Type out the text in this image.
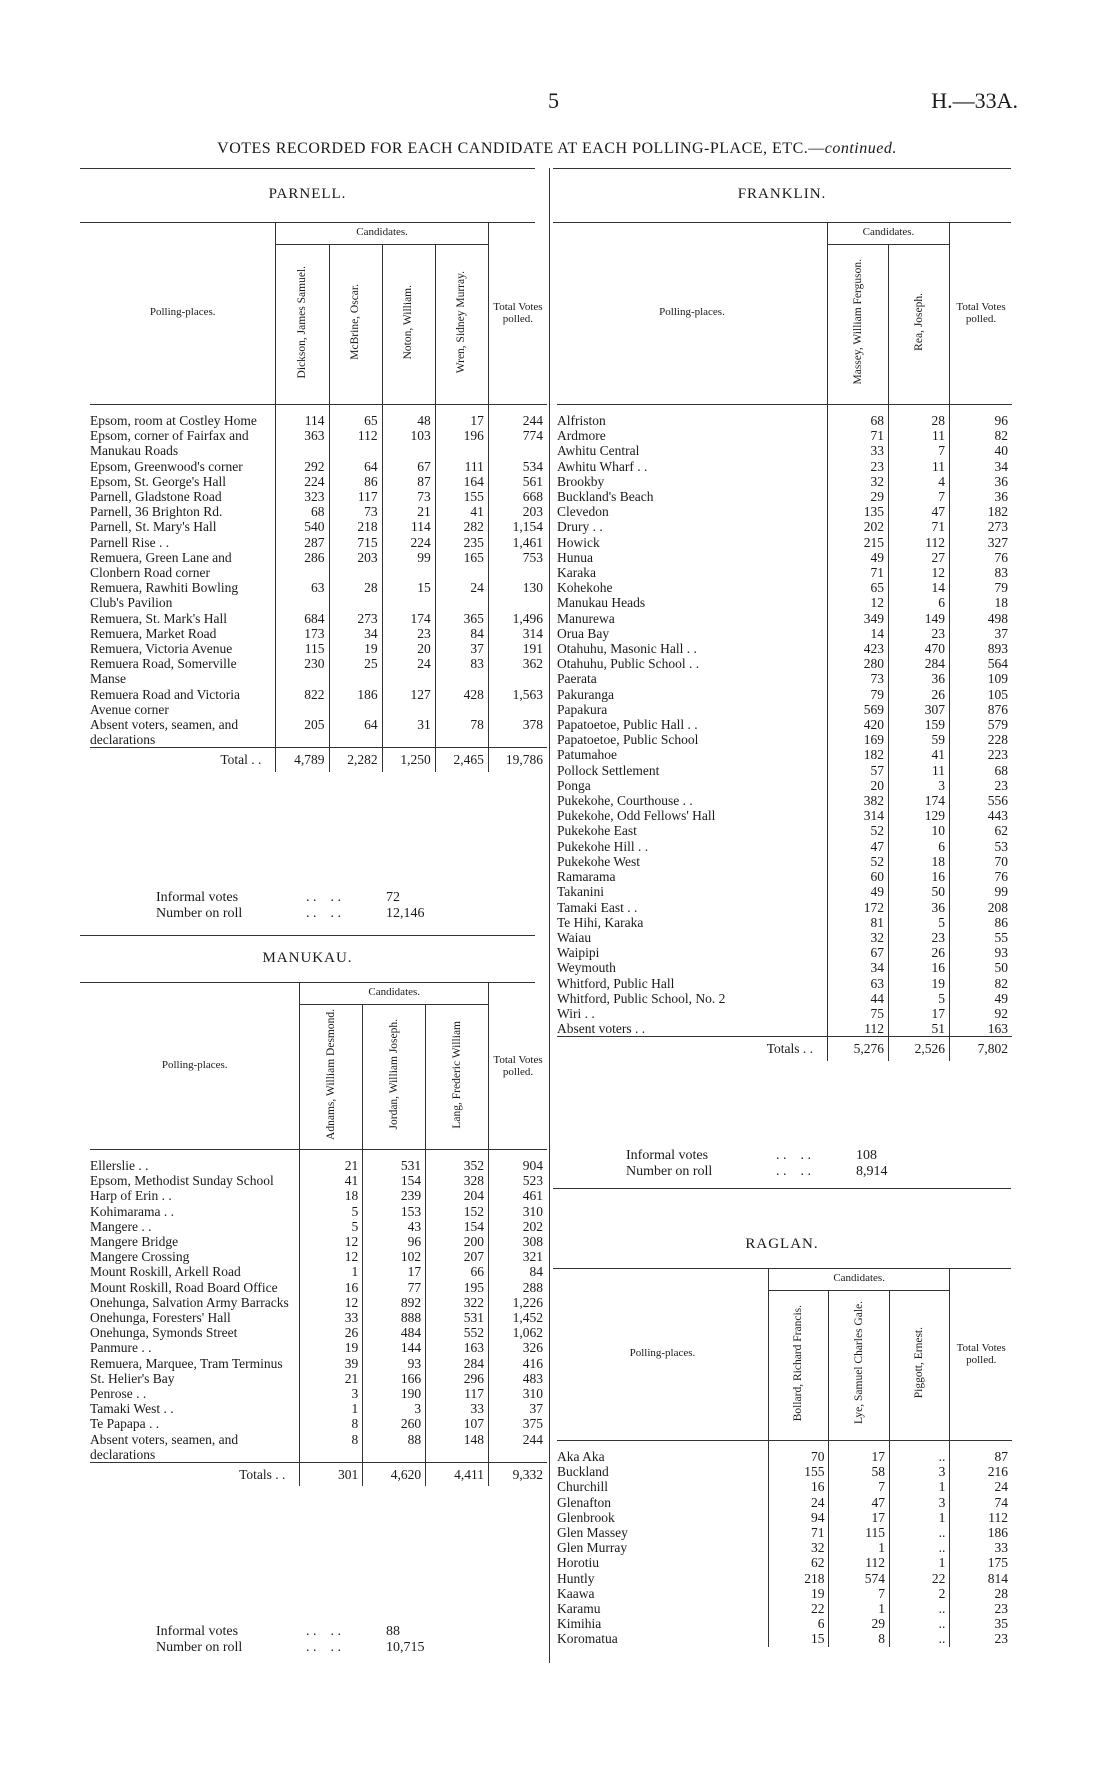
5	H.—33A.
VOTES RECORDED FOR EACH CANDIDATE AT EACH POLLING-PLACE, ETC.—continued.
PARNELL.
Polling-places.	Candidates.				Total Votes polled.

	Dickson, James Samuel.	McBrine, Oscar.	Noton, William.	Wren, Sidney Murray.	
Epsom, room at Costley Home	114	65	48	17	244
Epsom, corner of Fairfax and Manukau Roads	363	112	103	196	774
Epsom, Greenwood's corner	292	64	67	111	534
Epsom, St. George's Hall	224	86	87	164	561
Parnell, Gladstone Road	323	117	73	155	668
Parnell, 36 Brighton Rd.	68	73	21	41	203
Parnell, St. Mary's Hall	540	218	114	282	1,154
Parnell Rise . .	287	715	224	235	1,461
Remuera, Green Lane and Clonbern Road corner	286	203	99	165	753
Remuera, Rawhiti Bowling Club's Pavilion	63	28	15	24	130
Remuera, St. Mark's Hall	684	273	174	365	1,496
Remuera, Market Road	173	34	23	84	314
Remuera, Victoria Avenue	115	19	20	37	191
Remuera Road, Somerville Manse	230	25	24	83	362
Remuera Road and Victoria Avenue corner	822	186	127	428	1,563
Absent voters, seamen, and declarations	205	64	31	78	378
Total . .	4,789	2,282	1,250	2,465	19,786
Informal votes	. .    . .	72
Number on roll	. .    . .	12,146
MANUKAU.
Polling-places.	Candidates.			Total Votes polled.

	Adnams, William Desmond.	Jordan, William Joseph.	Lang, Frederic William	
Ellerslie . .	21	531	352	904
Epsom, Methodist Sunday School	41	154	328	523
Harp of Erin . .	18	239	204	461
Kohimarama . .	5	153	152	310
Mangere . .	5	43	154	202
Mangere Bridge	12	96	200	308
Mangere Crossing	12	102	207	321
Mount Roskill, Arkell Road	1	17	66	84
Mount Roskill, Road Board Office	16	77	195	288
Onehunga, Salvation Army Barracks	12	892	322	1,226
Onehunga, Foresters' Hall	33	888	531	1,452
Onehunga, Symonds Street	26	484	552	1,062
Panmure . .	19	144	163	326
Remuera, Marquee, Tram Terminus	39	93	284	416
St. Helier's Bay	21	166	296	483
Penrose . .	3	190	117	310
Tamaki West . .	1	3	33	37
Te Papapa . .	8	260	107	375
Absent voters, seamen, and declarations	8	88	148	244
Totals . .	301	4,620	4,411	9,332
Informal votes	. .    . .	88
Number on roll	. .    . .	10,715
FRANKLIN.
Polling-places.	Candidates.		Total Votes polled.

	Massey, William Ferguson.	Rea, Joseph.	
Alfriston	68	28	96
Ardmore	71	11	82
Awhitu Central	33	7	40
Awhitu Wharf . .	23	11	34
Brookby	32	4	36
Buckland's Beach	29	7	36
Clevedon	135	47	182
Drury . .	202	71	273
Howick	215	112	327
Hunua	49	27	76
Karaka	71	12	83
Kohekohe	65	14	79
Manukau Heads	12	6	18
Manurewa	349	149	498
Orua Bay	14	23	37
Otahuhu, Masonic Hall . .	423	470	893
Otahuhu, Public School . .	280	284	564
Paerata	73	36	109
Pakuranga	79	26	105
Papakura	569	307	876
Papatoetoe, Public Hall . .	420	159	579
Papatoetoe, Public School	169	59	228
Patumahoe	182	41	223
Pollock Settlement	57	11	68
Ponga	20	3	23
Pukekohe, Courthouse . .	382	174	556
Pukekohe, Odd Fellows' Hall	314	129	443
Pukekohe East	52	10	62
Pukekohe Hill . .	47	6	53
Pukekohe West	52	18	70
Ramarama	60	16	76
Takanini	49	50	99
Tamaki East . .	172	36	208
Te Hihi, Karaka	81	5	86
Waiau	32	23	55
Waipipi	67	26	93
Weymouth	34	16	50
Whitford, Public Hall	63	19	82
Whitford, Public School, No. 2	44	5	49
Wiri . .	75	17	92
Absent voters . .	112	51	163
Totals . .	5,276	2,526	7,802
Informal votes	. .    . .	108
Number on roll	. .    . .	8,914
RAGLAN.
Polling-places.	Candidates.			Total Votes polled.

	Bollard, Richard Francis.	Lye, Samuel Charles Gale.	Piggott, Ernest.	
Aka Aka	70	17	..	87
Buckland	155	58	3	216
Churchill	16	7	1	24
Glenafton	24	47	3	74
Glenbrook	94	17	1	112
Glen Massey	71	115	..	186
Glen Murray	32	1	..	33
Horotiu	62	112	1	175
Huntly	218	574	22	814
Kaawa	19	7	2	28
Karamu	22	1	..	23
Kimihia	6	29	..	35
Koromatua	15	8	..	23
